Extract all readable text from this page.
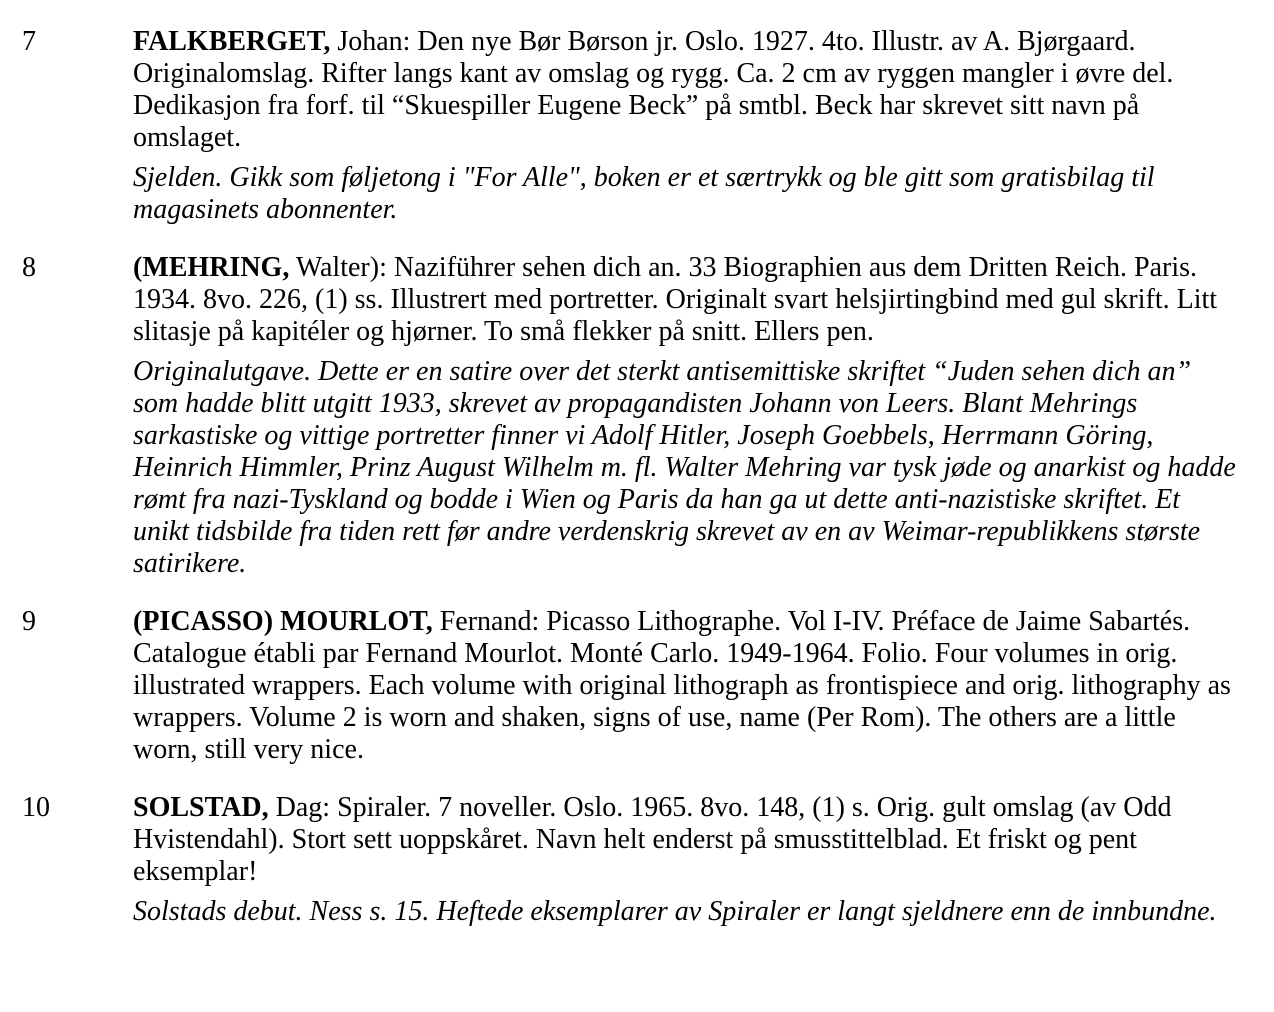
7	FALKBERGET, Johan: Den nye Bør Børson jr. Oslo. 1927. 4to. Illustr. av A. Bjørgaard. Originalomslag. Rifter langs kant av omslag og rygg. Ca. 2 cm av ryggen mangler i øvre del. Dedikasjon fra forf. til “Skuespiller Eugene Beck” på smtbl. Beck har skrevet sitt navn på omslaget.

Sjelden. Gikk som føljetong i "For Alle", boken er et særtrykk og ble gitt som gratisbilag til magasinets abonnenter.

8	(MEHRING, Walter): Naziführer sehen dich an. 33 Biographien aus dem Dritten Reich. Paris. 1934. 8vo. 226, (1) ss. Illustrert med portretter. Originalt svart helsjirtingbind med gul skrift. Litt slitasje på kapitéler og hjørner. To små flekker på snitt. Ellers pen.

Originalutgave. Dette er en satire over det sterkt antisemittiske skriftet “Juden sehen dich an” som hadde blitt utgitt 1933, skrevet av propagandisten Johann von Leers. Blant Mehrings sarkastiske og vittige portretter finner vi Adolf Hitler, Joseph Goebbels, Herrmann Göring, Heinrich Himmler, Prinz August Wilhelm m. fl. Walter Mehring var tysk jøde og anarkist og hadde rømt fra nazi-Tyskland og bodde i Wien og Paris da han ga ut dette anti-nazistiske skriftet. Et unikt tidsbilde fra tiden rett før andre verdenskrig skrevet av en av Weimar-republikkens største satirikere.

9	(PICASSO) MOURLOT, Fernand: Picasso Lithographe. Vol I-IV. Préface de Jaime Sabartés. Catalogue établi par Fernand Mourlot. Monté Carlo. 1949-1964. Folio. Four volumes in orig. illustrated wrappers. Each volume with original lithograph as frontispiece and orig. lithography as wrappers. Volume 2 is worn and shaken, signs of use, name (Per Rom). The others are a little worn, still very nice.

10	SOLSTAD, Dag: Spiraler. 7 noveller. Oslo. 1965. 8vo. 148, (1) s. Orig. gult omslag (av Odd Hvistendahl). Stort sett uoppskåret. Navn helt enderst på smusstittelblad. Et friskt og pent eksemplar!

Solstads debut. Ness s. 15. Heftede eksemplarer av Spiraler er langt sjeldnere enn de innbundne.
